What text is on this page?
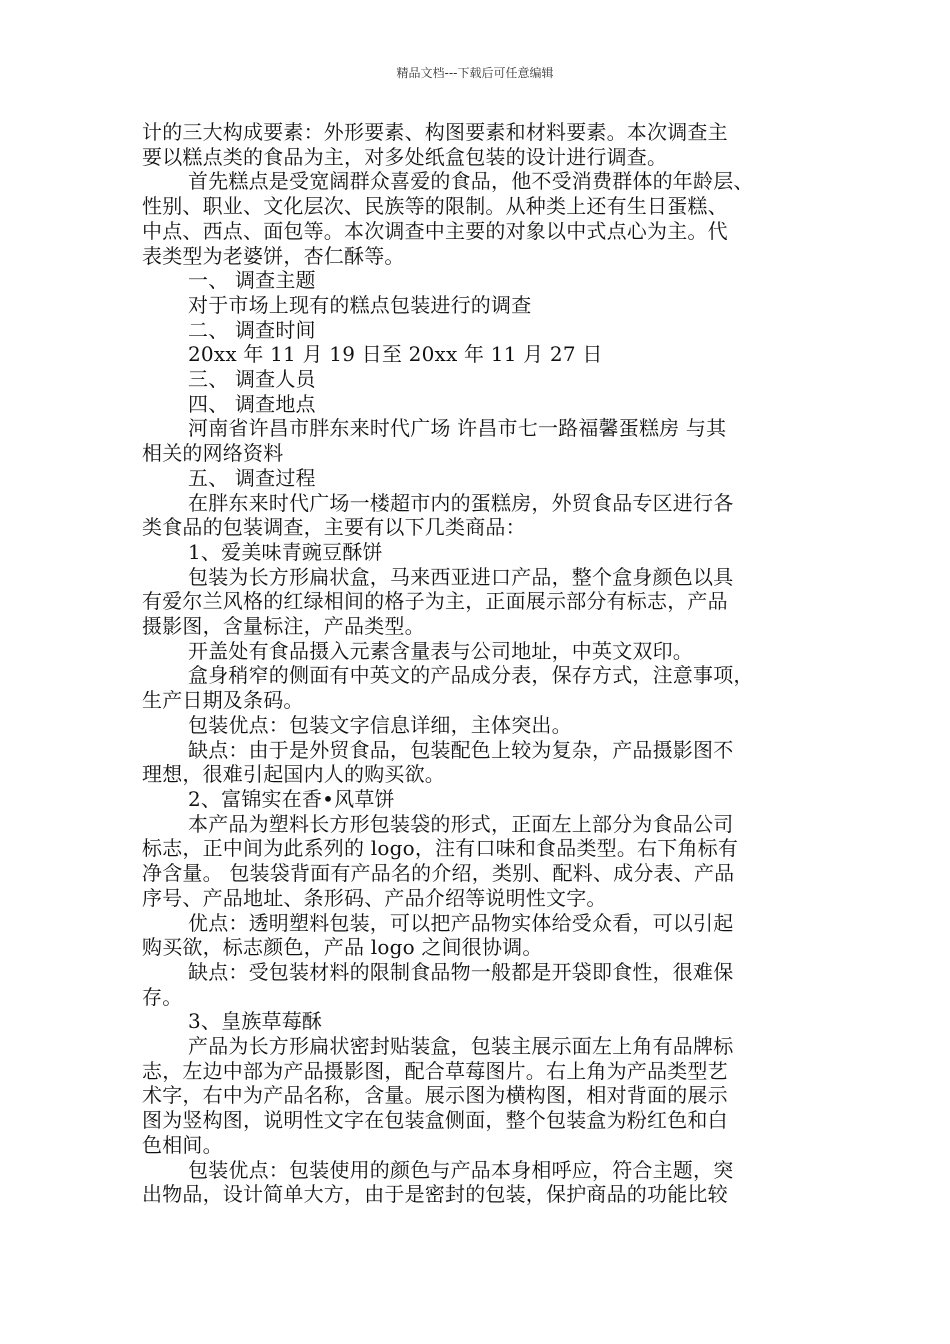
精品文档---下载后可任意编辑
计的三大构成要素：外形要素、构图要素和材料要素。本次调查主
要以糕点类的食品为主，对多处纸盒包装的设计进行调查。
首先糕点是受宽阔群众喜爱的食品，他不受消费群体的年龄层、
性别、职业、文化层次、民族等的限制。从种类上还有生日蛋糕、
中点、西点、面包等。本次调查中主要的对象以中式点心为主。代
表类型为老婆饼，杏仁酥等。
一、 调查主题
对于市场上现有的糕点包装进行的调查
二、 调查时间
20xx 年 11 月 19 日至 20xx 年 11 月 27 日
三、 调查人员
四、 调查地点
河南省许昌市胖东来时代广场 许昌市七一路福馨蛋糕房 与其
相关的网络资料
五、 调查过程
在胖东来时代广场一楼超市内的蛋糕房，外贸食品专区进行各
类食品的包装调查，主要有以下几类商品：
1、爱美味青豌豆酥饼
包装为长方形扁状盒，马来西亚进口产品，整个盒身颜色以具
有爱尔兰风格的红绿相间的格子为主，正面展示部分有标志，产品
摄影图，含量标注，产品类型。
开盖处有食品摄入元素含量表与公司地址，中英文双印。
盒身稍窄的侧面有中英文的产品成分表，保存方式，注意事项，
生产日期及条码。
包装优点：包装文字信息详细，主体突出。
缺点：由于是外贸食品，包装配色上较为复杂，产品摄影图不
理想，很难引起国内人的购买欲。
2、富锦实在香•风草饼
本产品为塑料长方形包装袋的形式，正面左上部分为食品公司
标志，正中间为此系列的 logo，注有口味和食品类型。右下角标有
净含量。 包装袋背面有产品名的介绍，类别、配料、成分表、产品
序号、产品地址、条形码、产品介绍等说明性文字。
优点：透明塑料包装，可以把产品物实体给受众看，可以引起
购买欲，标志颜色，产品 logo 之间很协调。
缺点：受包装材料的限制食品物一般都是开袋即食性，很难保
存。
3、皇族草莓酥
产品为长方形扁状密封贴装盒，包装主展示面左上角有品牌标
志，左边中部为产品摄影图，配合草莓图片。右上角为产品类型艺
术字，右中为产品名称，含量。展示图为横构图，相对背面的展示
图为竖构图，说明性文字在包装盒侧面，整个包装盒为粉红色和白
色相间。
包装优点：包装使用的颜色与产品本身相呼应，符合主题，突
出物品，设计简单大方，由于是密封的包装，保护商品的功能比较
